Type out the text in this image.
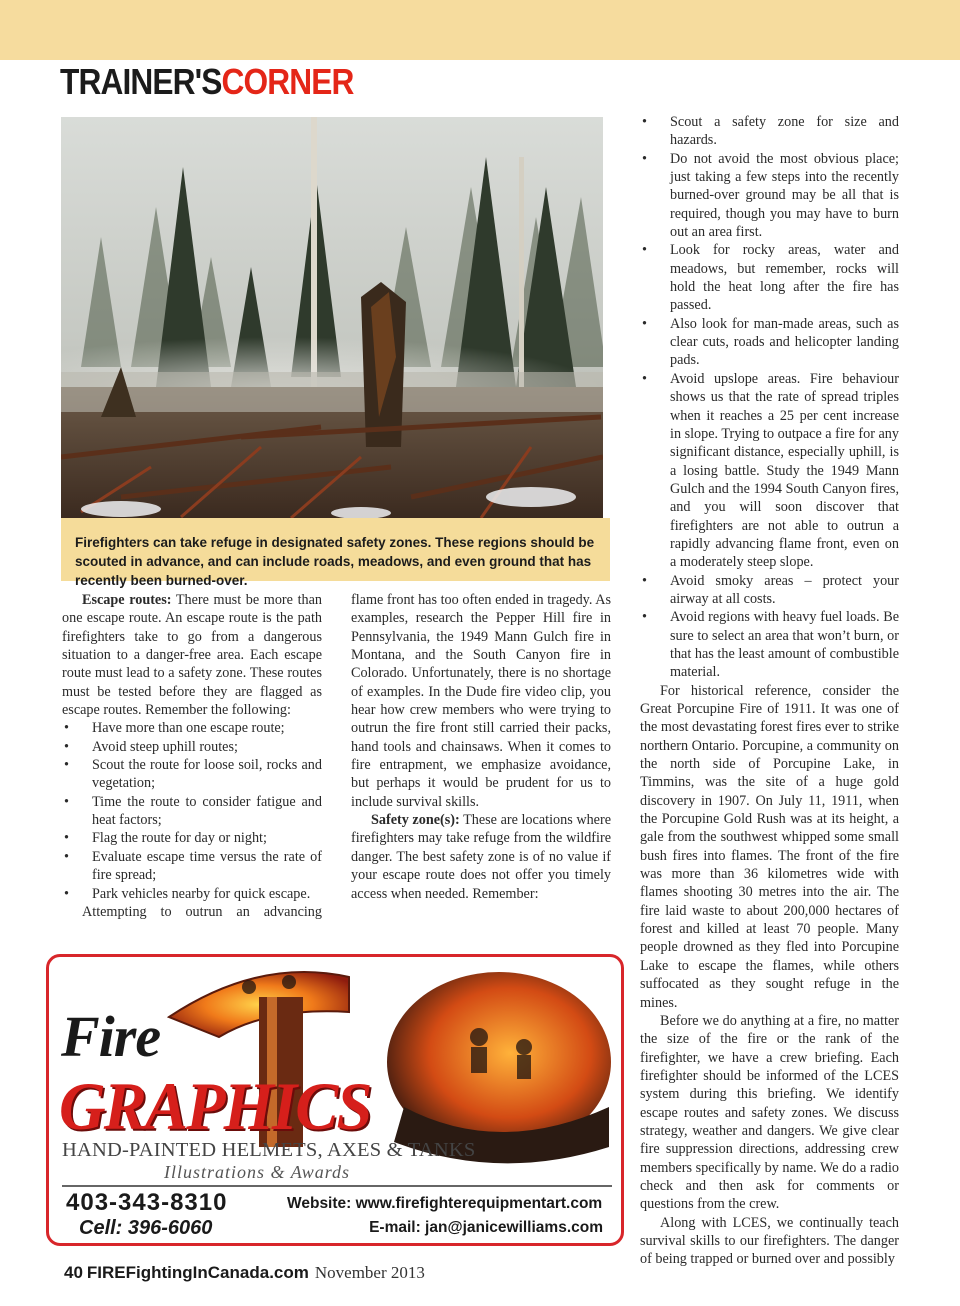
TRAINER'SCORNER
Firefighters can take refuge in designated safety zones. These regions should be scouted in advance, and can include roads, meadows, and even ground that has recently been burned-over.

Escape routes: There must be more than one escape route. An escape route is the path firefighters take to go from a dangerous situation to a danger-free area. Each escape route must lead to a safety zone. These routes must be tested before they are flagged as escape routes. Remember the following:

• Have more than one escape route;
• Avoid steep uphill routes;
• Scout the route for loose soil, rocks and vegetation;
• Time the route to consider fatigue and heat factors;
• Flag the route for day or night;
• Evaluate escape time versus the rate of fire spread;
• Park vehicles nearby for quick escape.

Attempting to outrun an advancing

flame front has too often ended in tragedy. As examples, research the Pepper Hill fire in Pennsylvania, the 1949 Mann Gulch fire in Montana, and the South Canyon fire in Colorado. Unfortunately, there is no shortage of examples. In the Dude fire video clip, you hear how crew members who were trying to outrun the fire front still carried their packs, hand tools and chainsaws. When it comes to fire entrapment, we emphasize avoidance, but perhaps it would be prudent for us to include survival skills.

Safety zone(s): These are locations where firefighters may take refuge from the wildfire danger. The best safety zone is of no value if your escape route does not offer you timely access when needed. Remember:

• Scout a safety zone for size and hazards.
• Do not avoid the most obvious place; just taking a few steps into the recently burned-over ground may be all that is required, though you may have to burn out an area first.
• Look for rocky areas, water and meadows, but remember, rocks will hold the heat long after the fire has passed.
• Also look for man-made areas, such as clear cuts, roads and helicopter landing pads.
• Avoid upslope areas. Fire behaviour shows us that the rate of spread triples when it reaches a 25 per cent increase in slope. Trying to outpace a fire for any significant distance, especially uphill, is a losing battle. Study the 1949 Mann Gulch and the 1994 South Canyon fires, and you will soon discover that firefighters are not able to outrun a rapidly advancing flame front, even on a moderately steep slope.
• Avoid smoky areas – protect your airway at all costs.
• Avoid regions with heavy fuel loads. Be sure to select an area that won’t burn, or that has the least amount of combustible material.

For historical reference, consider the Great Porcupine Fire of 1911. It was one of the most devastating forest fires ever to strike northern Ontario. Porcupine, a community on the north side of Porcupine Lake, in Timmins, was the site of a huge gold discovery in 1907. On July 11, 1911, when the Porcupine Gold Rush was at its height, a gale from the southwest whipped some small bush fires into flames. The front of the fire was more than 36 kilometres wide with flames shooting 30 metres into the air. The fire laid waste to about 200,000 hectares of forest and killed at least 70 people. Many people drowned as they fled into Porcupine Lake to escape the flames, while others suffocated as they sought refuge in the mines.

Before we do anything at a fire, no matter the size of the fire or the rank of the firefighter, we have a crew briefing. Each firefighter should be informed of the LCES system during this briefing. We identify escape routes and safety zones. We discuss strategy, weather and dangers. We give clear fire suppression directions, addressing crew members specifically by name. We do a radio check and then ask for comments or questions from the crew.

Along with LCES, we continually teach survival skills to our firefighters. The danger of being trapped or burned over and possibly

Fire
GRAPHICS
HAND-PAINTED HELMETS, AXES & TANKS
Illustrations & Awards
403-343-8310
Cell: 396-6060
Website: www.firefighterequipmentart.com
E-mail: jan@janicewilliams.com
40 FIREFightingInCanada.com November 2013
